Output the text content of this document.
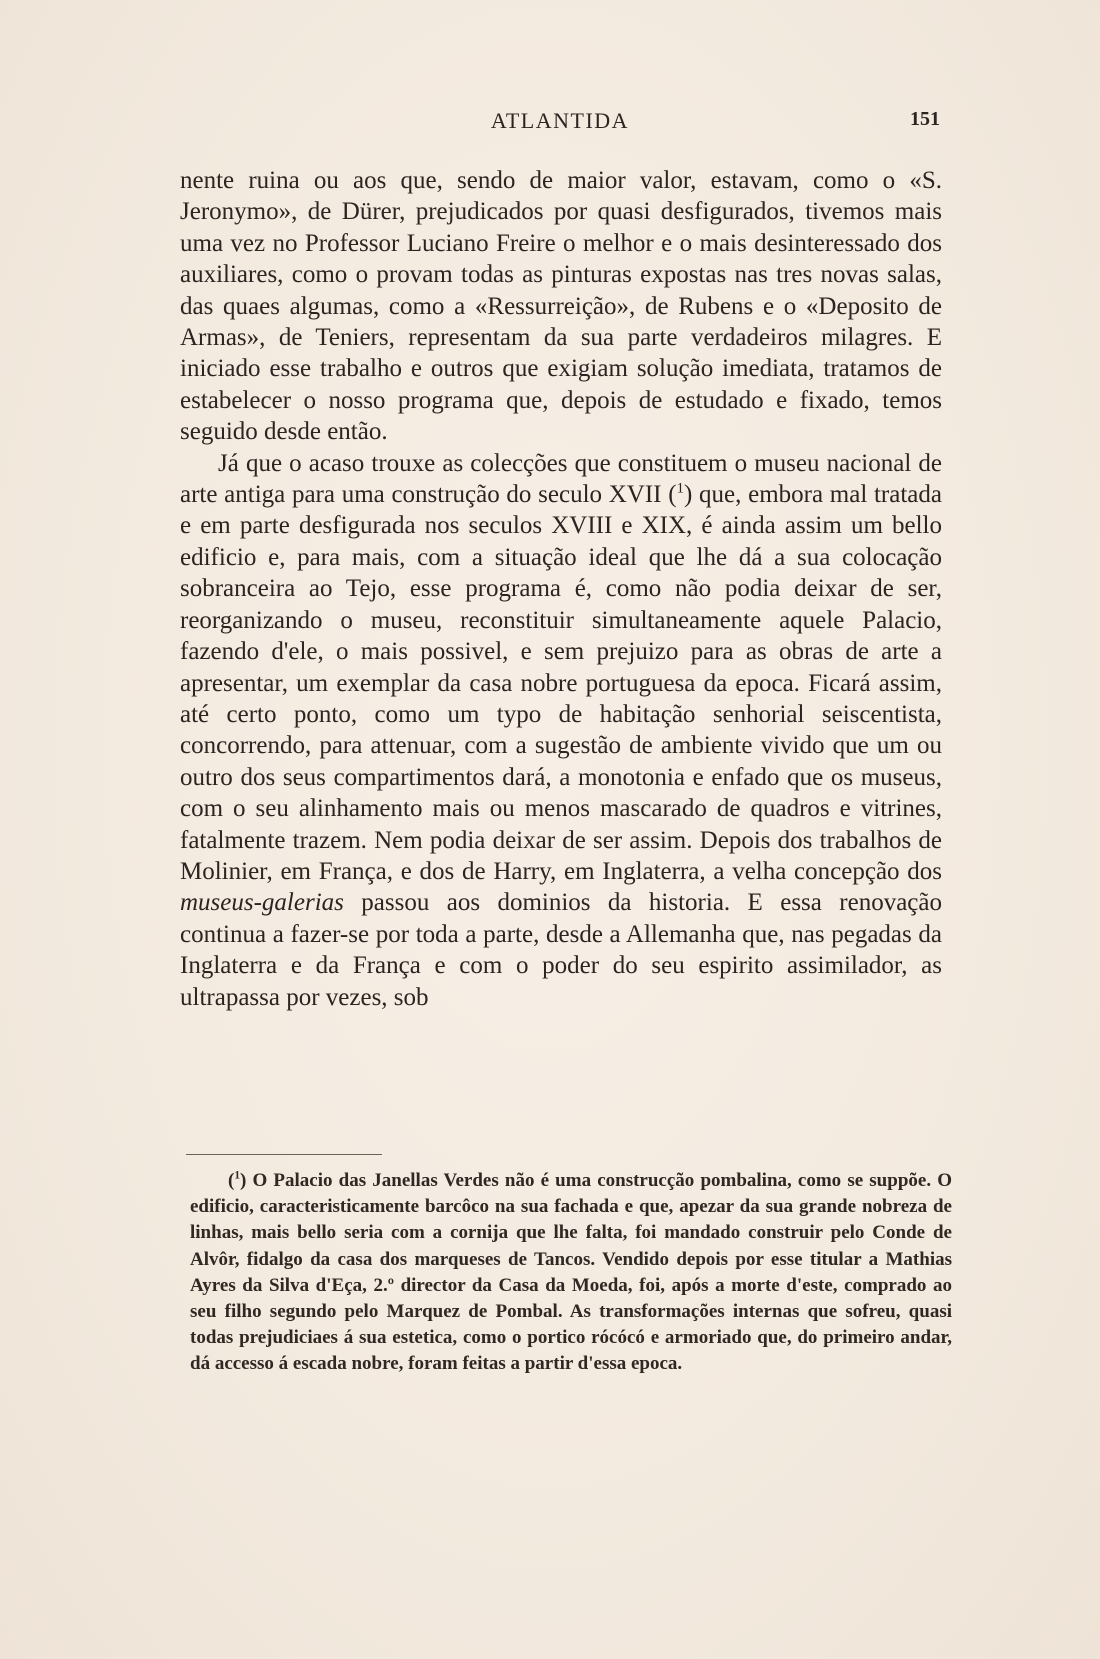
ATLANTIDA	151

nente ruina ou aos que, sendo de maior valor, estavam, como o «S. Jeronymo», de Dürer, prejudicados por quasi desfigurados, tivemos mais uma vez no Professor Luciano Freire o melhor e o mais desinteressado dos auxiliares, como o provam todas as pinturas expostas nas tres novas salas, das quaes algumas, como a «Ressurreição», de Rubens e o «Deposito de Armas», de Teniers, representam da sua parte verdadeiros milagres. E iniciado esse trabalho e outros que exigiam solução imediata, tratamos de estabelecer o nosso programa que, depois de estudado e fixado, temos seguido desde então.

Já que o acaso trouxe as colecções que constituem o museu nacional de arte antiga para uma construção do seculo XVII ($^1$) que, embora mal tratada e em parte desfigurada nos seculos XVIII e XIX, é ainda assim um bello edificio e, para mais, com a situação ideal que lhe dá a sua colocação sobranceira ao Tejo, esse programa é, como não podia deixar de ser, reorganizando o museu, reconstituir simultaneamente aquele Palacio, fazendo d'ele, o mais possivel, e sem prejuizo para as obras de arte a apresentar, um exemplar da casa nobre portuguesa da epoca. Ficará assim, até certo ponto, como um typo de habitação senhorial seiscentista, concorrendo, para attenuar, com a sugestão de ambiente vivido que um ou outro dos seus compartimentos dará, a monotonia e enfado que os museus, com o seu alinhamento mais ou menos mascarado de quadros e vitrines, fatalmente trazem. Nem podia deixar de ser assim. Depois dos trabalhos de Molinier, em França, e dos de Harry, em Inglaterra, a velha concepção dos museus-galerias passou aos dominios da historia. E essa renovação continua a fazer-se por toda a parte, desde a Allemanha que, nas pegadas da Inglaterra e da França e com o poder do seu espirito assimilador, as ultrapassa por vezes, sob

($^1$) O Palacio das Janellas Verdes não é uma construcção pombalina, como se suppõe. O edificio, caracteristicamente barcôco na sua fachada e que, apezar da sua grande nobreza de linhas, mais bello seria com a cornija que lhe falta, foi mandado construir pelo Conde de Alvôr, fidalgo da casa dos marqueses de Tancos. Vendido depois por esse titular a Mathias Ayres da Silva d'Eça, 2.º director da Casa da Moeda, foi, após a morte d'este, comprado ao seu filho segundo pelo Marquez de Pombal. As transformações internas que sofreu, quasi todas prejudiciaes á sua estetica, como o portico rócócó e armoriado que, do primeiro andar, dá accesso á escada nobre, foram feitas a partir d'essa epoca.
